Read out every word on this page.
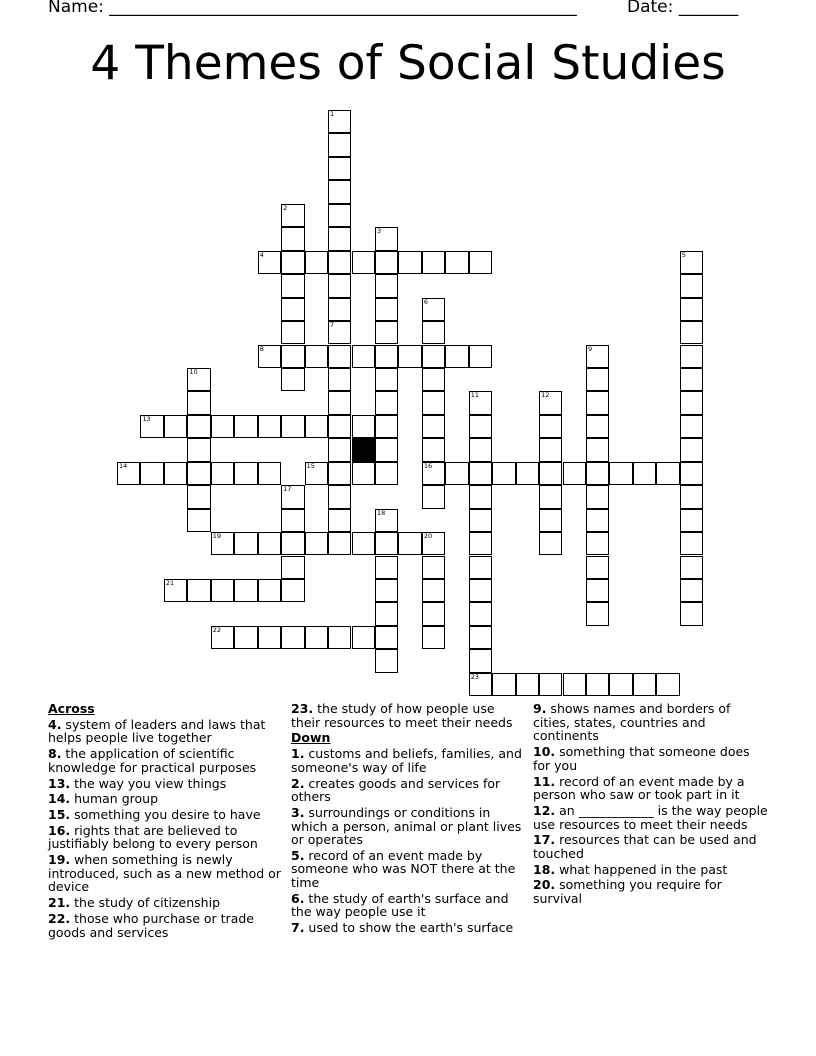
Name: _______________________________________________________	Date: _______
4 Themes of Social Studies
1
7
2
3
4	5
6
16
8	9
10
11	12
13
14	15
17
18
19	20
21
22
23
Across
4. system of leaders and laws that helps people live together
8. the application of scientific knowledge for practical purposes
13. the way you view things
14. human group
15. something you desire to have
16. rights that are believed to justifiably belong to every person
19. when something is newly introduced, such as a new method or device
21. the study of citizenship
22. those who purchase or trade goods and services
23. the study of how people use their resources to meet their needs
Down
1. customs and beliefs, families, and someone's way of life
2. creates goods and services for others
3. surroundings or conditions in which a person, animal or plant lives or operates
5. record of an event made by someone who was NOT there at the time
6. the study of earth's surface and the way people use it
7. used to show the earth's surface
9. shows names and borders of cities, states, countries and continents
10. something that someone does for you
11. record of an event made by a person who saw or took part in it
12. an ____________ is the way people use resources to meet their needs
17. resources that can be used and touched
18. what happened in the past
20. something you require for survival
